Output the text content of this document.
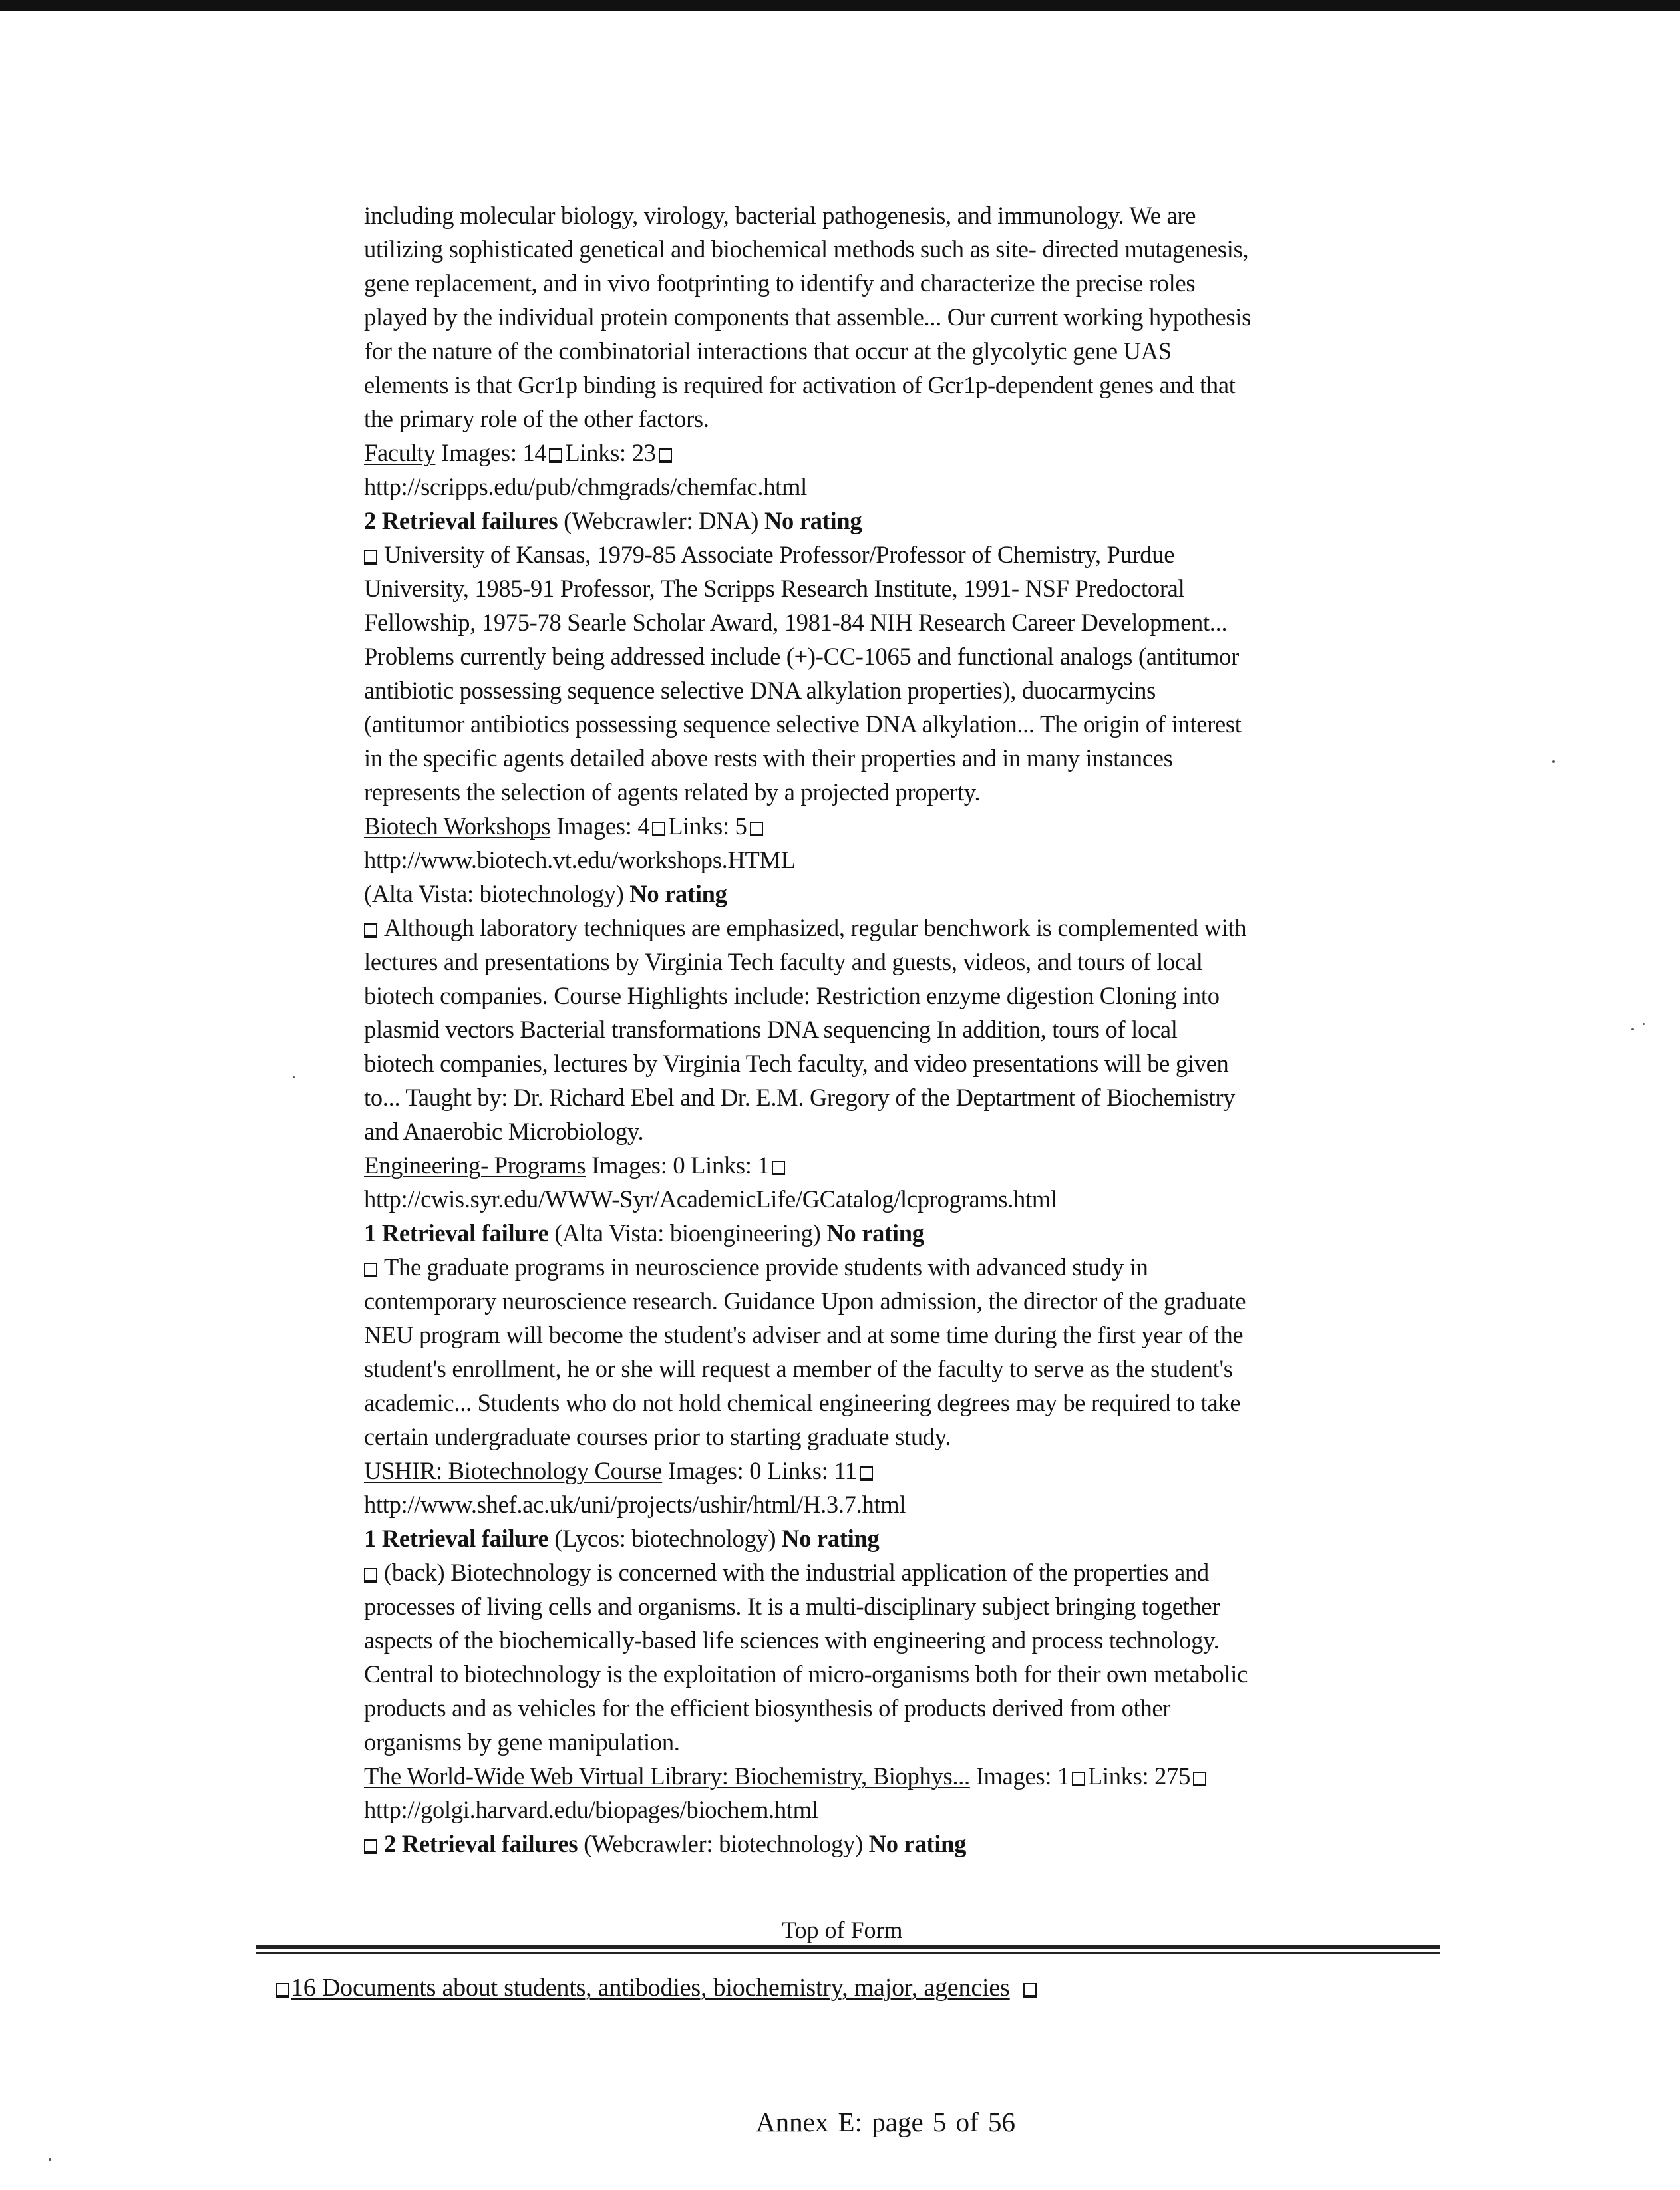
including molecular biology, virology, bacterial pathogenesis, and immunology. We are
utilizing sophisticated genetical and biochemical methods such as site- directed mutagenesis,
gene replacement, and in vivo footprinting to identify and characterize the precise roles
played by the individual protein components that assemble... Our current working hypothesis
for the nature of the combinatorial interactions that occur at the glycolytic gene UAS
elements is that Gcr1p binding is required for activation of Gcr1p-dependent genes and that
the primary role of the other factors.
Faculty Images: 14 Links: 23
http://scripps.edu/pub/chmgrads/chemfac.html
2 Retrieval failures (Webcrawler: DNA) No rating
University of Kansas, 1979-85 Associate Professor/Professor of Chemistry, Purdue
University, 1985-91 Professor, The Scripps Research Institute, 1991- NSF Predoctoral
Fellowship, 1975-78 Searle Scholar Award, 1981-84 NIH Research Career Development...
Problems currently being addressed include (+)-CC-1065 and functional analogs (antitumor
antibiotic possessing sequence selective DNA alkylation properties), duocarmycins
(antitumor antibiotics possessing sequence selective DNA alkylation... The origin of interest
in the specific agents detailed above rests with their properties and in many instances
represents the selection of agents related by a projected property.
Biotech Workshops Images: 4 Links: 5
http://www.biotech.vt.edu/workshops.HTML
(Alta Vista: biotechnology) No rating
Although laboratory techniques are emphasized, regular benchwork is complemented with
lectures and presentations by Virginia Tech faculty and guests, videos, and tours of local
biotech companies. Course Highlights include: Restriction enzyme digestion Cloning into
plasmid vectors Bacterial transformations DNA sequencing In addition, tours of local
biotech companies, lectures by Virginia Tech faculty, and video presentations will be given
to... Taught by: Dr. Richard Ebel and Dr. E.M. Gregory of the Deptartment of Biochemistry
and Anaerobic Microbiology.
Engineering- Programs Images: 0 Links: 1
http://cwis.syr.edu/WWW-Syr/AcademicLife/GCatalog/lcprograms.html
1 Retrieval failure (Alta Vista: bioengineering) No rating
The graduate programs in neuroscience provide students with advanced study in
contemporary neuroscience research. Guidance Upon admission, the director of the graduate
NEU program will become the student's adviser and at some time during the first year of the
student's enrollment, he or she will request a member of the faculty to serve as the student's
academic... Students who do not hold chemical engineering degrees may be required to take
certain undergraduate courses prior to starting graduate study.
USHIR: Biotechnology Course Images: 0 Links: 11
http://www.shef.ac.uk/uni/projects/ushir/html/H.3.7.html
1 Retrieval failure (Lycos: biotechnology) No rating
(back) Biotechnology is concerned with the industrial application of the properties and
processes of living cells and organisms. It is a multi-disciplinary subject bringing together
aspects of the biochemically-based life sciences with engineering and process technology.
Central to biotechnology is the exploitation of micro-organisms both for their own metabolic
products and as vehicles for the efficient biosynthesis of products derived from other
organisms by gene manipulation.
The World-Wide Web Virtual Library: Biochemistry, Biophys... Images: 1 Links: 275
http://golgi.harvard.edu/biopages/biochem.html
2 Retrieval failures (Webcrawler: biotechnology) No rating
Top of Form
16 Documents about students, antibodies, biochemistry, major, agencies
Annex E: page 5 of 56
